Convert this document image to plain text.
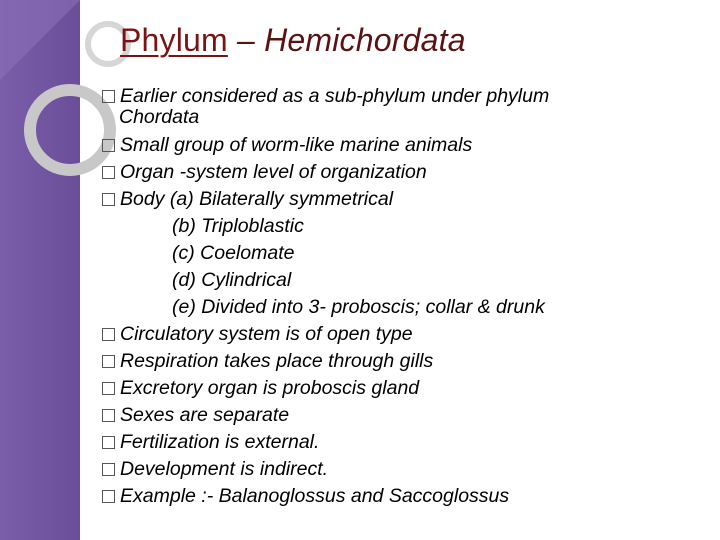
Phylum – Hemichordata
Earlier considered as a sub-phylum under phylum
Chordata
Small group of worm-like marine animals
Organ -system level of organization
Body (a) Bilaterally symmetrical
(b) Triploblastic
(c) Coelomate
(d) Cylindrical
(e) Divided into 3- proboscis; collar & drunk
Circulatory system is of open type
Respiration takes place through gills
Excretory organ is proboscis gland
Sexes are separate
Fertilization is external.
Development is indirect.
Example :- Balanoglossus and Saccoglossus
